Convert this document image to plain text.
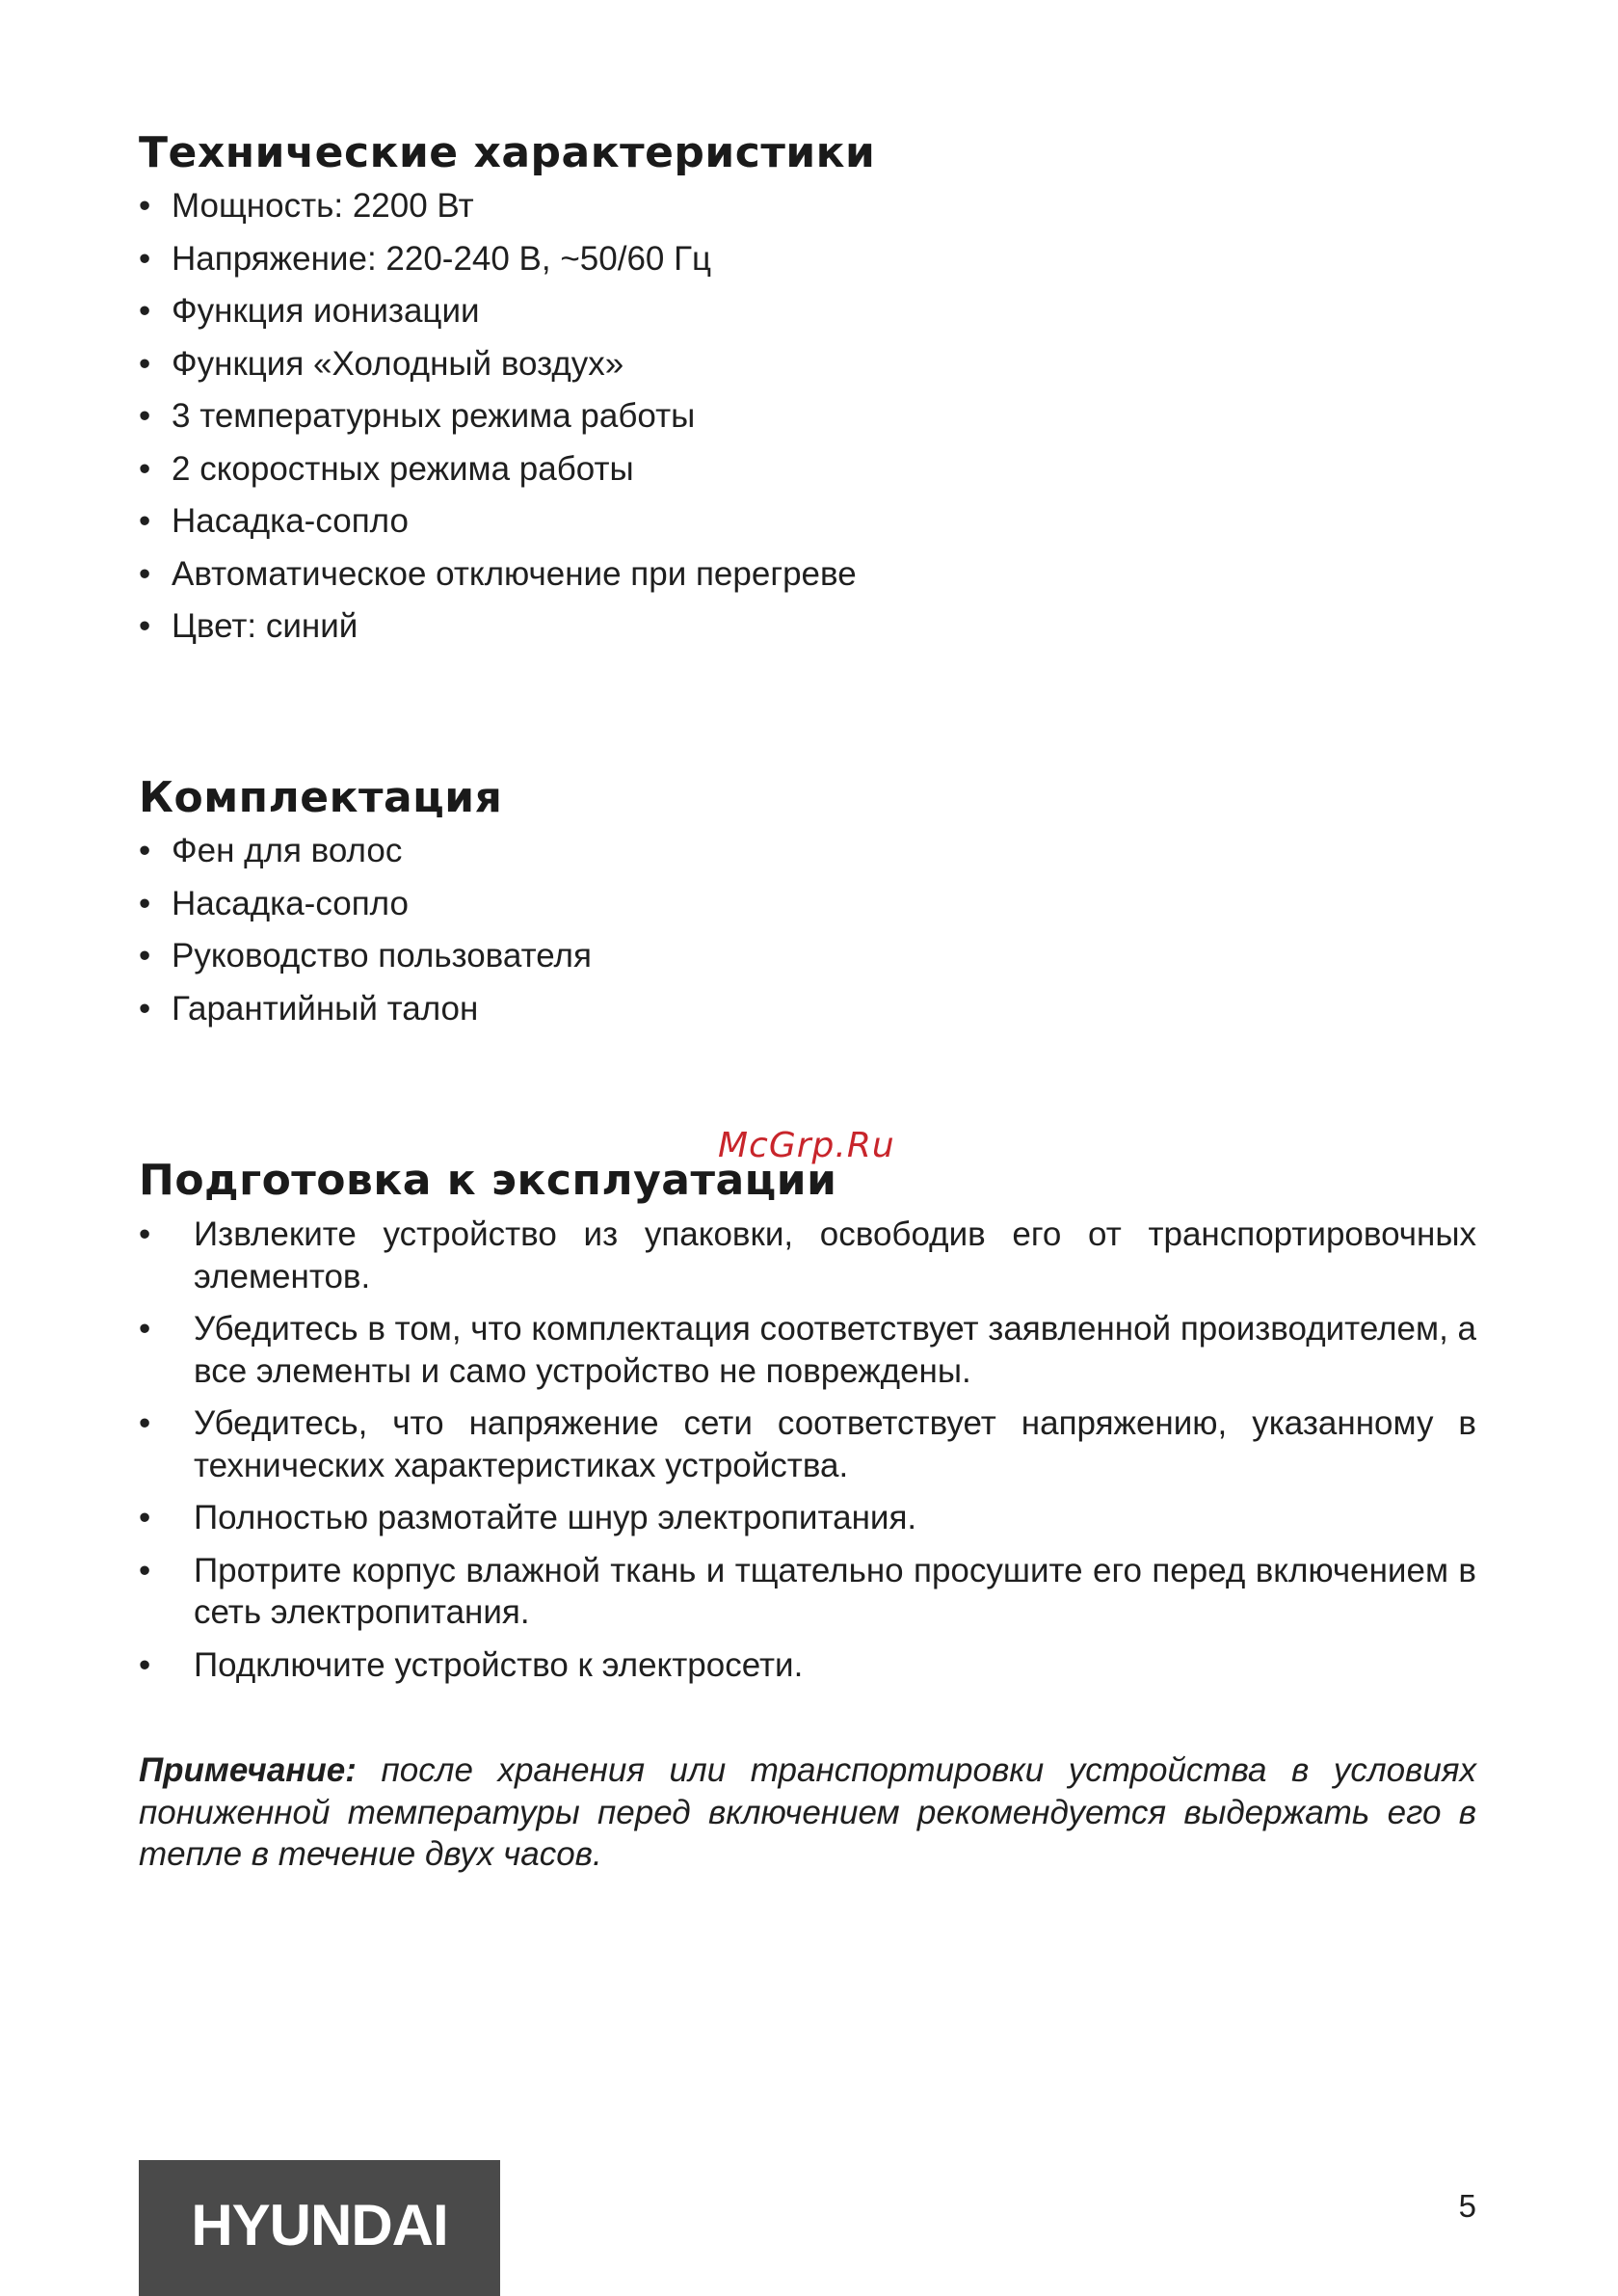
Технические характеристики
• Мощность: 2200 Вт
• Напряжение: 220-240 В, ~50/60 Гц
• Функция ионизации
• Функция «Холодный воздух»
• 3 температурных режима работы
• 2 скоростных режима работы
• Насадка-сопло
• Автоматическое отключение при перегреве
• Цвет: синий
Комплектация
• Фен для волос
• Насадка-сопло
• Руководство пользователя
• Гарантийный талон
McGrp.Ru
Подготовка к эксплуатации
• Извлеките устройство из упаковки, освободив его от транспортировочных элементов.
• Убедитесь в том, что комплектация соответствует заявленной производителем, а все элементы и само устройство не повреждены.
• Убедитесь, что напряжение сети соответствует напряжению, указанному в технических характеристиках устройства.
• Полностью размотайте шнур электропитания.
• Протрите корпус влажной ткань и тщательно просушите его перед включением в сеть электропитания.
• Подключите устройство к электросети.
Примечание: после хранения или транспортировки устройства в условиях пониженной температуры перед включением рекомендуется выдержать его в тепле в течение двух часов.
HYUNDAI	5
